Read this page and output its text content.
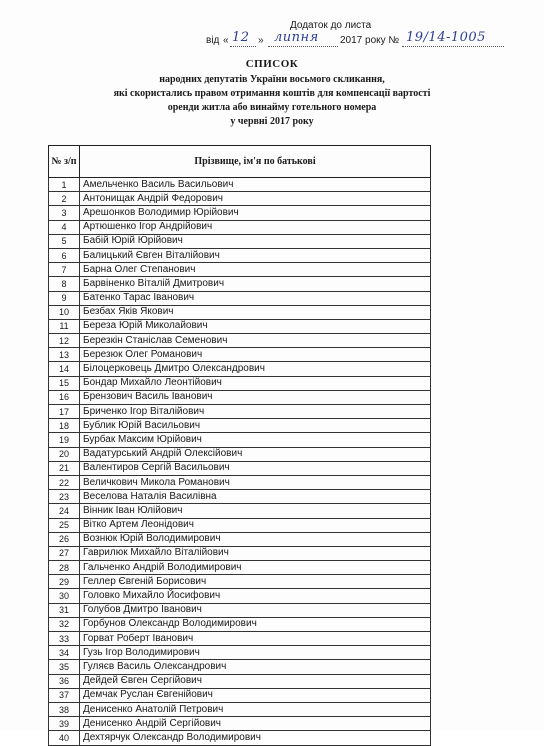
Додаток до листа
від « 12 » липня 2017 року № 19/14-1005
СПИСОК
народних депутатів України восьмого скликання,
які скористались правом отримання коштів для компенсації вартості
оренди житла або винайму готельного номера
у червні 2017 року
№ з/п	Прізвище, ім'я по батькові
1	Амельченко Василь Васильович
2	Антонищак Андрій Федорович
3	Арешонков Володимир Юрійович
4	Артюшенко Ігор Андрійович
5	Бабій Юрій Юрійович
6	Балицький Євген Віталійович
7	Барна Олег Степанович
8	Барвіненко Віталій Дмитрович
9	Батенко Тарас Іванович
10	Безбах Яків Якович
11	Береза Юрій Миколайович
12	Березкін Станіслав Семенович
13	Березюк Олег Романович
14	Білоцерковець Дмитро Олександрович
15	Бондар Михайло Леонтійович
16	Брензович Василь Іванович
17	Бриченко Ігор Віталійович
18	Бублик Юрій Васильович
19	Бурбак Максим Юрійович
20	Вадатурський Андрій Олексійович
21	Валентиров Сергій Васильович
22	Величкович Микола Романович
23	Веселова Наталія Василівна
24	Вінник Іван Юлійович
25	Вітко Артем Леонідович
26	Вознюк Юрій Володимирович
27	Гаврилюк Михайло Віталійович
28	Гальченко Андрій Володимирович
29	Геллер Євгеній Борисович
30	Головко Михайло Йосифович
31	Голубов Дмитро Іванович
32	Горбунов Олександр Володимирович
33	Горват Роберт Іванович
34	Гузь Ігор Володимирович
35	Гуляєв Василь Олександрович
36	Дейдей Євген Сергійович
37	Демчак Руслан Євгенійович
38	Денисенко Анатолій Петрович
39	Денисенко Андрій Сергійович
40	Дехтярчук Олександр Володимирович
